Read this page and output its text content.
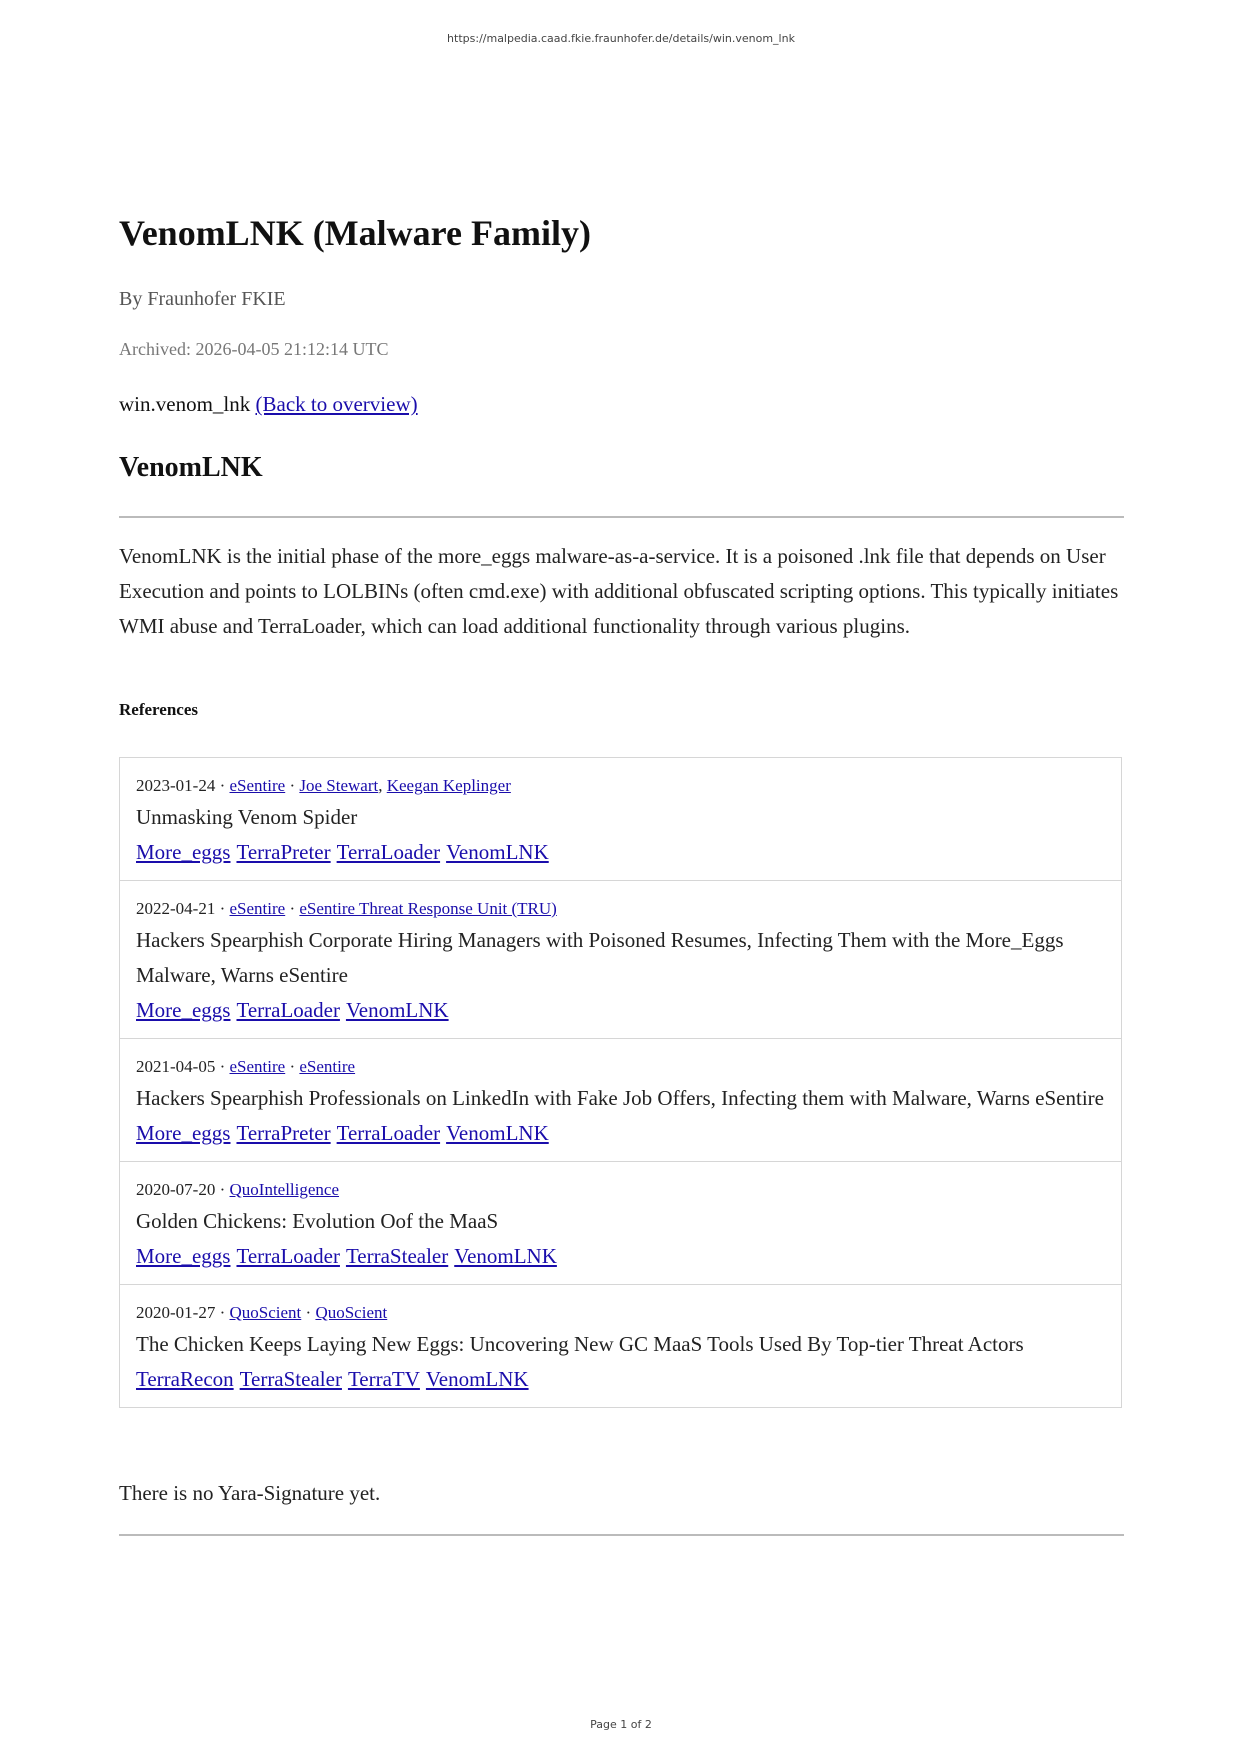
https://malpedia.caad.fkie.fraunhofer.de/details/win.venom_lnk
VenomLNK (Malware Family)
By Fraunhofer FKIE
Archived: 2026-04-05 21:12:14 UTC
win.venom_lnk (Back to overview)
VenomLNK

VenomLNK is the initial phase of the more_eggs malware-as-a-service. It is a poisoned .lnk file that depends on User Execution and points to LOLBINs (often cmd.exe) with additional obfuscated scripting options. This typically initiates WMI abuse and TerraLoader, which can load additional functionality through various plugins.

References
2023-01-24 · eSentire · Joe Stewart, Keegan Keplinger
Unmasking Venom Spider
More_eggs TerraPreter TerraLoader VenomLNK
2022-04-21 · eSentire · eSentire Threat Response Unit (TRU)
Hackers Spearphish Corporate Hiring Managers with Poisoned Resumes, Infecting Them with the More_Eggs Malware, Warns eSentire
More_eggs TerraLoader VenomLNK
2021-04-05 · eSentire · eSentire
Hackers Spearphish Professionals on LinkedIn with Fake Job Offers, Infecting them with Malware, Warns eSentire
More_eggs TerraPreter TerraLoader VenomLNK
2020-07-20 · QuoIntelligence
Golden Chickens: Evolution Oof the MaaS
More_eggs TerraLoader TerraStealer VenomLNK
2020-01-27 · QuoScient · QuoScient
The Chicken Keeps Laying New Eggs: Uncovering New GC MaaS Tools Used By Top-tier Threat Actors
TerraRecon TerraStealer TerraTV VenomLNK
There is no Yara-Signature yet.
Page 1 of 2
